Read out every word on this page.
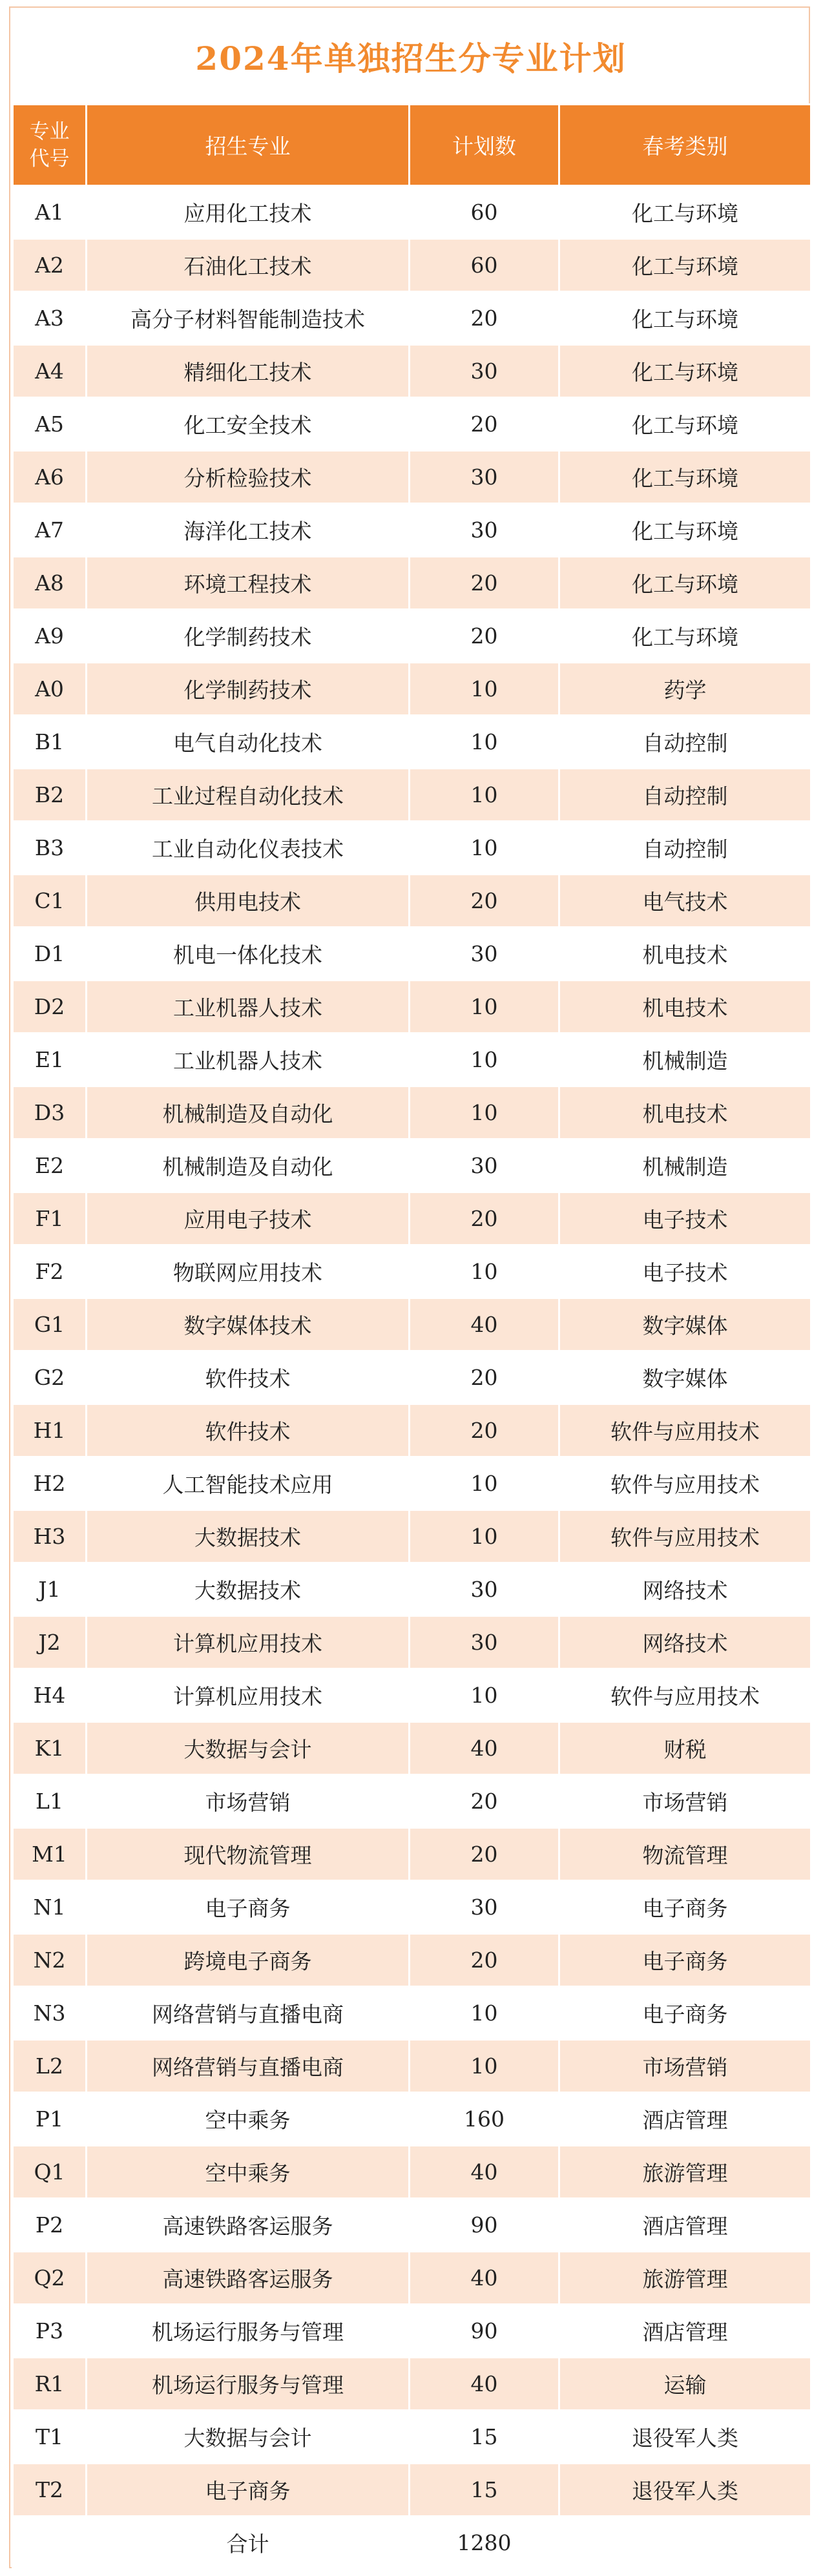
2024年单独招生分专业计划
专业
代号	招生专业	计划数	春考类别
A1	应用化工技术	60	化工与环境
A2	石油化工技术	60	化工与环境
A3	高分子材料智能制造技术	20	化工与环境
A4	精细化工技术	30	化工与环境
A5	化工安全技术	20	化工与环境
A6	分析检验技术	30	化工与环境
A7	海洋化工技术	30	化工与环境
A8	环境工程技术	20	化工与环境
A9	化学制药技术	20	化工与环境
A0	化学制药技术	10	药学
B1	电气自动化技术	10	自动控制
B2	工业过程自动化技术	10	自动控制
B3	工业自动化仪表技术	10	自动控制
C1	供用电技术	20	电气技术
D1	机电一体化技术	30	机电技术
D2	工业机器人技术	10	机电技术
E1	工业机器人技术	10	机械制造
D3	机械制造及自动化	10	机电技术
E2	机械制造及自动化	30	机械制造
F1	应用电子技术	20	电子技术
F2	物联网应用技术	10	电子技术
G1	数字媒体技术	40	数字媒体
G2	软件技术	20	数字媒体
H1	软件技术	20	软件与应用技术
H2	人工智能技术应用	10	软件与应用技术
H3	大数据技术	10	软件与应用技术
J1	大数据技术	30	网络技术
J2	计算机应用技术	30	网络技术
H4	计算机应用技术	10	软件与应用技术
K1	大数据与会计	40	财税
L1	市场营销	20	市场营销
M1	现代物流管理	20	物流管理
N1	电子商务	30	电子商务
N2	跨境电子商务	20	电子商务
N3	网络营销与直播电商	10	电子商务
L2	网络营销与直播电商	10	市场营销
P1	空中乘务	160	酒店管理
Q1	空中乘务	40	旅游管理
P2	高速铁路客运服务	90	酒店管理
Q2	高速铁路客运服务	40	旅游管理
P3	机场运行服务与管理	90	酒店管理
R1	机场运行服务与管理	40	运输
T1	大数据与会计	15	退役军人类
T2	电子商务	15	退役军人类
	合计	1280	
